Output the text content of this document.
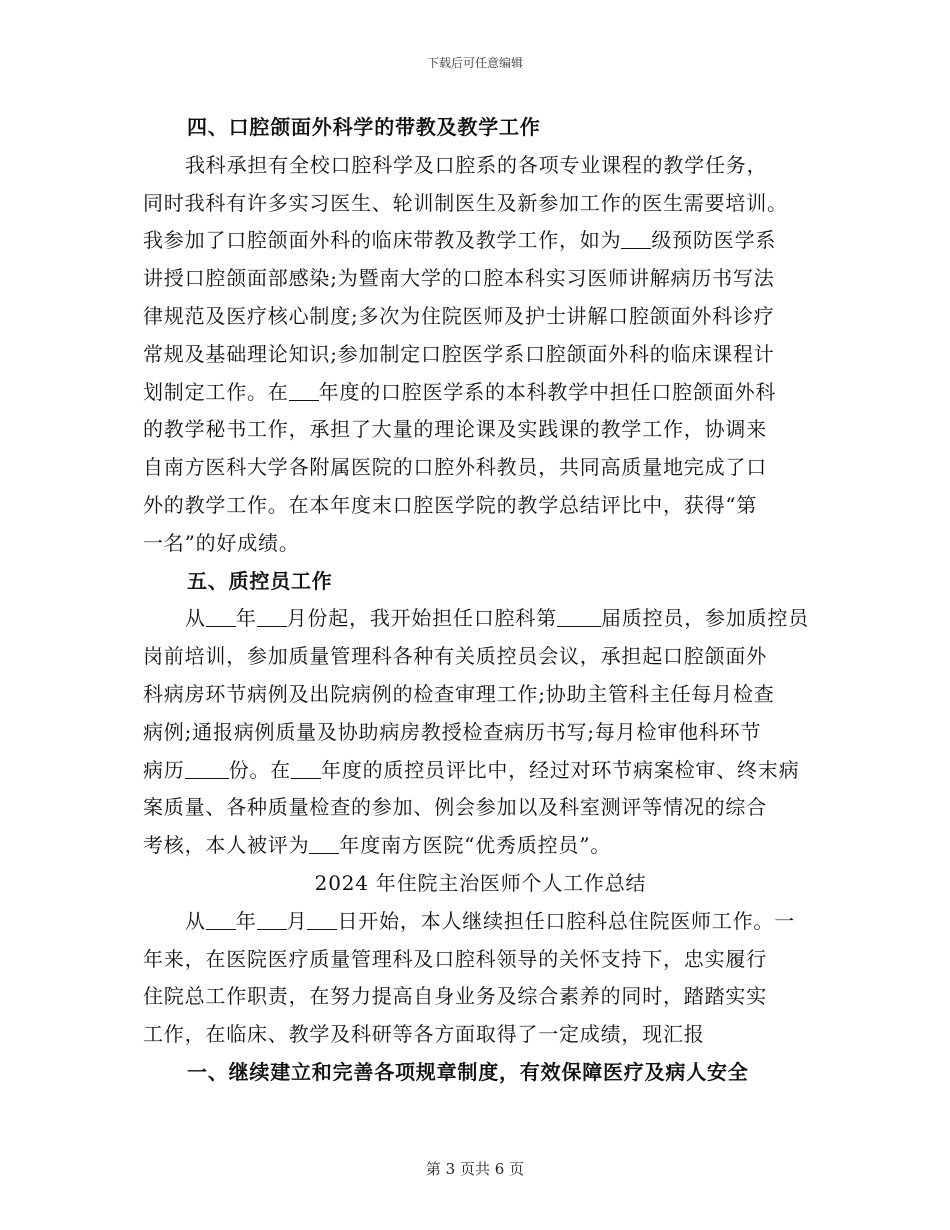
下载后可任意编辑
四、口腔颌面外科学的带教及教学工作
我科承担有全校口腔科学及口腔系的各项专业课程的教学任务，
同时我科有许多实习医生、轮训制医生及新参加工作的医生需要培训。
我参加了口腔颌面外科的临床带教及教学工作，如为 级预防医学系
讲授口腔颌面部感染;为暨南大学的口腔本科实习医师讲解病历书写法
律规范及医疗核心制度;多次为住院医师及护士讲解口腔颌面外科诊疗
常规及基础理论知识;参加制定口腔医学系口腔颌面外科的临床课程计
划制定工作。在 年度的口腔医学系的本科教学中担任口腔颌面外科
的教学秘书工作，承担了大量的理论课及实践课的教学工作，协调来
自南方医科大学各附属医院的口腔外科教员，共同高质量地完成了口
外的教学工作。在本年度末口腔医学院的教学总结评比中，获得“第
一名”的好成绩。
五、质控员工作
从 年 月份起，我开始担任口腔科第 届质控员，参加质控员
岗前培训，参加质量管理科各种有关质控员会议，承担起口腔颌面外
科病房环节病例及出院病例的检查审理工作;协助主管科主任每月检查
病例;通报病例质量及协助病房教授检查病历书写;每月检审他科环节
病历 份。在 年度的质控员评比中，经过对环节病案检审、终末病
案质量、各种质量检查的参加、例会参加以及科室测评等情况的综合
考核，本人被评为 年度南方医院“优秀质控员”。
2024 年住院主治医师个人工作总结
从 年 月 日开始，本人继续担任口腔科总住院医师工作。一
年来，在医院医疗质量管理科及口腔科领导的关怀支持下，忠实履行
住院总工作职责，在努力提高自身业务及综合素养的同时，踏踏实实
工作，在临床、教学及科研等各方面取得了一定成绩，现汇报
一、继续建立和完善各项规章制度，有效保障医疗及病人安全
第 3 页共 6 页
